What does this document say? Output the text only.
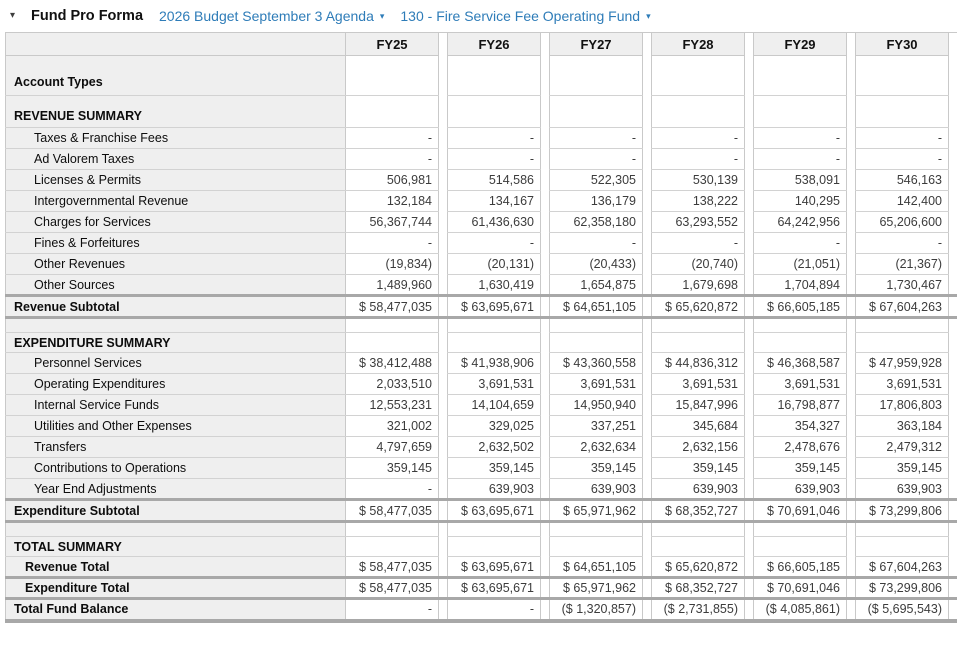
▾ Fund Pro Forma 2026 Budget September 3 Agenda ▾ 130 - Fire Service Fee Operating Fund ▾
	FY25		FY26		FY27		FY28		FY29		FY30	
Account Types												
REVENUE SUMMARY												
Taxes & Franchise Fees	-		-		-		-		-		-	
Ad Valorem Taxes	-		-		-		-		-		-	
Licenses & Permits	506,981		514,586		522,305		530,139		538,091		546,163	
Intergovernmental Revenue	132,184		134,167		136,179		138,222		140,295		142,400	
Charges for Services	56,367,744		61,436,630		62,358,180		63,293,552		64,242,956		65,206,600	
Fines & Forfeitures	-		-		-		-		-		-	
Other Revenues	(19,834)		(20,131)		(20,433)		(20,740)		(21,051)		(21,367)	
Other Sources	1,489,960		1,630,419		1,654,875		1,679,698		1,704,894		1,730,467	
Revenue Subtotal	$ 58,477,035		$ 63,695,671		$ 64,651,105		$ 65,620,872		$ 66,605,185		$ 67,604,263	

EXPENDITURE SUMMARY												
Personnel Services	$ 38,412,488		$ 41,938,906		$ 43,360,558		$ 44,836,312		$ 46,368,587		$ 47,959,928	
Operating Expenditures	2,033,510		3,691,531		3,691,531		3,691,531		3,691,531		3,691,531	
Internal Service Funds	12,553,231		14,104,659		14,950,940		15,847,996		16,798,877		17,806,803	
Utilities and Other Expenses	321,002		329,025		337,251		345,684		354,327		363,184	
Transfers	4,797,659		2,632,502		2,632,634		2,632,156		2,478,676		2,479,312	
Contributions to Operations	359,145		359,145		359,145		359,145		359,145		359,145	
Year End Adjustments	-		639,903		639,903		639,903		639,903		639,903	
Expenditure Subtotal	$ 58,477,035		$ 63,695,671		$ 65,971,962		$ 68,352,727		$ 70,691,046		$ 73,299,806	

TOTAL SUMMARY												
Revenue Total	$ 58,477,035		$ 63,695,671		$ 64,651,105		$ 65,620,872		$ 66,605,185		$ 67,604,263	
Expenditure Total	$ 58,477,035		$ 63,695,671		$ 65,971,962		$ 68,352,727		$ 70,691,046		$ 73,299,806	
Total Fund Balance	-		-		($ 1,320,857)		($ 2,731,855)		($ 4,085,861)		($ 5,695,543)	
